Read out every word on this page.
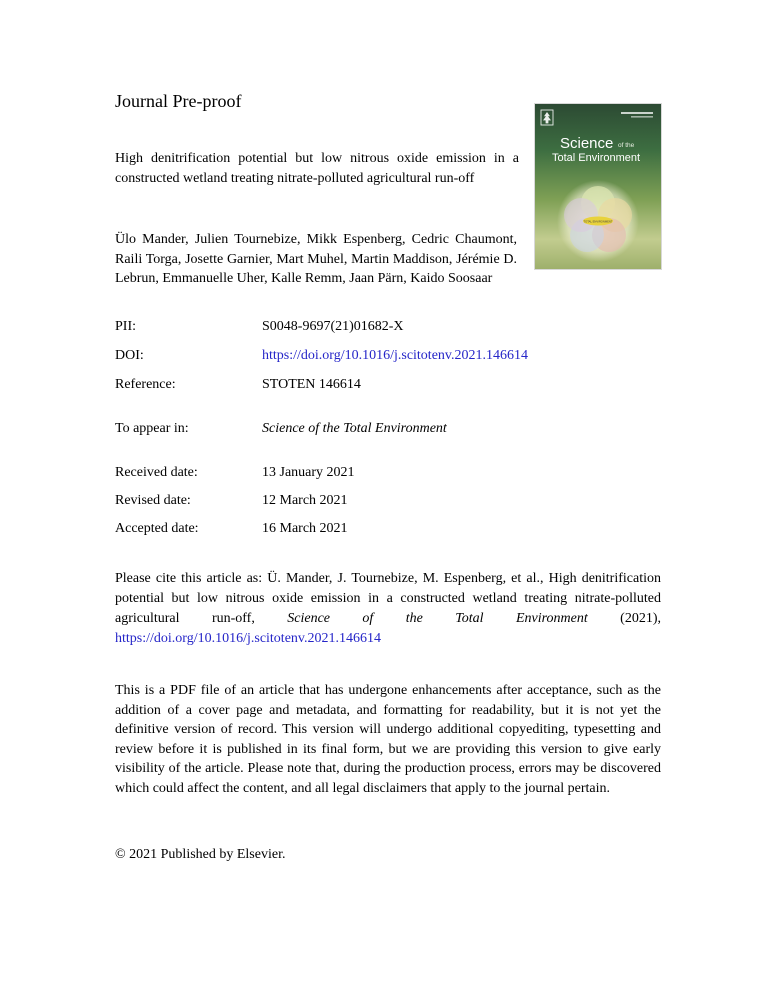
Journal Pre-proof
Science of the
Total Environment
TOTAL ENVIRONMENT
High denitrification potential but low nitrous oxide emission in a constructed wetland treating nitrate-polluted agricultural run-off
Ülo Mander, Julien Tournebize, Mikk Espenberg, Cedric Chaumont, Raili Torga, Josette Garnier, Mart Muhel, Martin Maddison, Jérémie D. Lebrun, Emmanuelle Uher, Kalle Remm, Jaan Pärn, Kaido Soosaar
PII:	S0048-9697(21)01682-X
DOI:	https://doi.org/10.1016/j.scitotenv.2021.146614
Reference:	STOTEN 146614
To appear in:	Science of the Total Environment
Received date:	13 January 2021
Revised date:	12 March 2021
Accepted date:	16 March 2021

Please cite this article as: Ü. Mander, J. Tournebize, M. Espenberg, et al., High denitrification potential but low nitrous oxide emission in a constructed wetland treating nitrate-polluted agricultural run-off, Science of the Total Environment (2021), https://doi.org/10.1016/j.scitotenv.2021.146614

This is a PDF file of an article that has undergone enhancements after acceptance, such as the addition of a cover page and metadata, and formatting for readability, but it is not yet the definitive version of record. This version will undergo additional copyediting, typesetting and review before it is published in its final form, but we are providing this version to give early visibility of the article. Please note that, during the production process, errors may be discovered which could affect the content, and all legal disclaimers that apply to the journal pertain.

© 2021 Published by Elsevier.
